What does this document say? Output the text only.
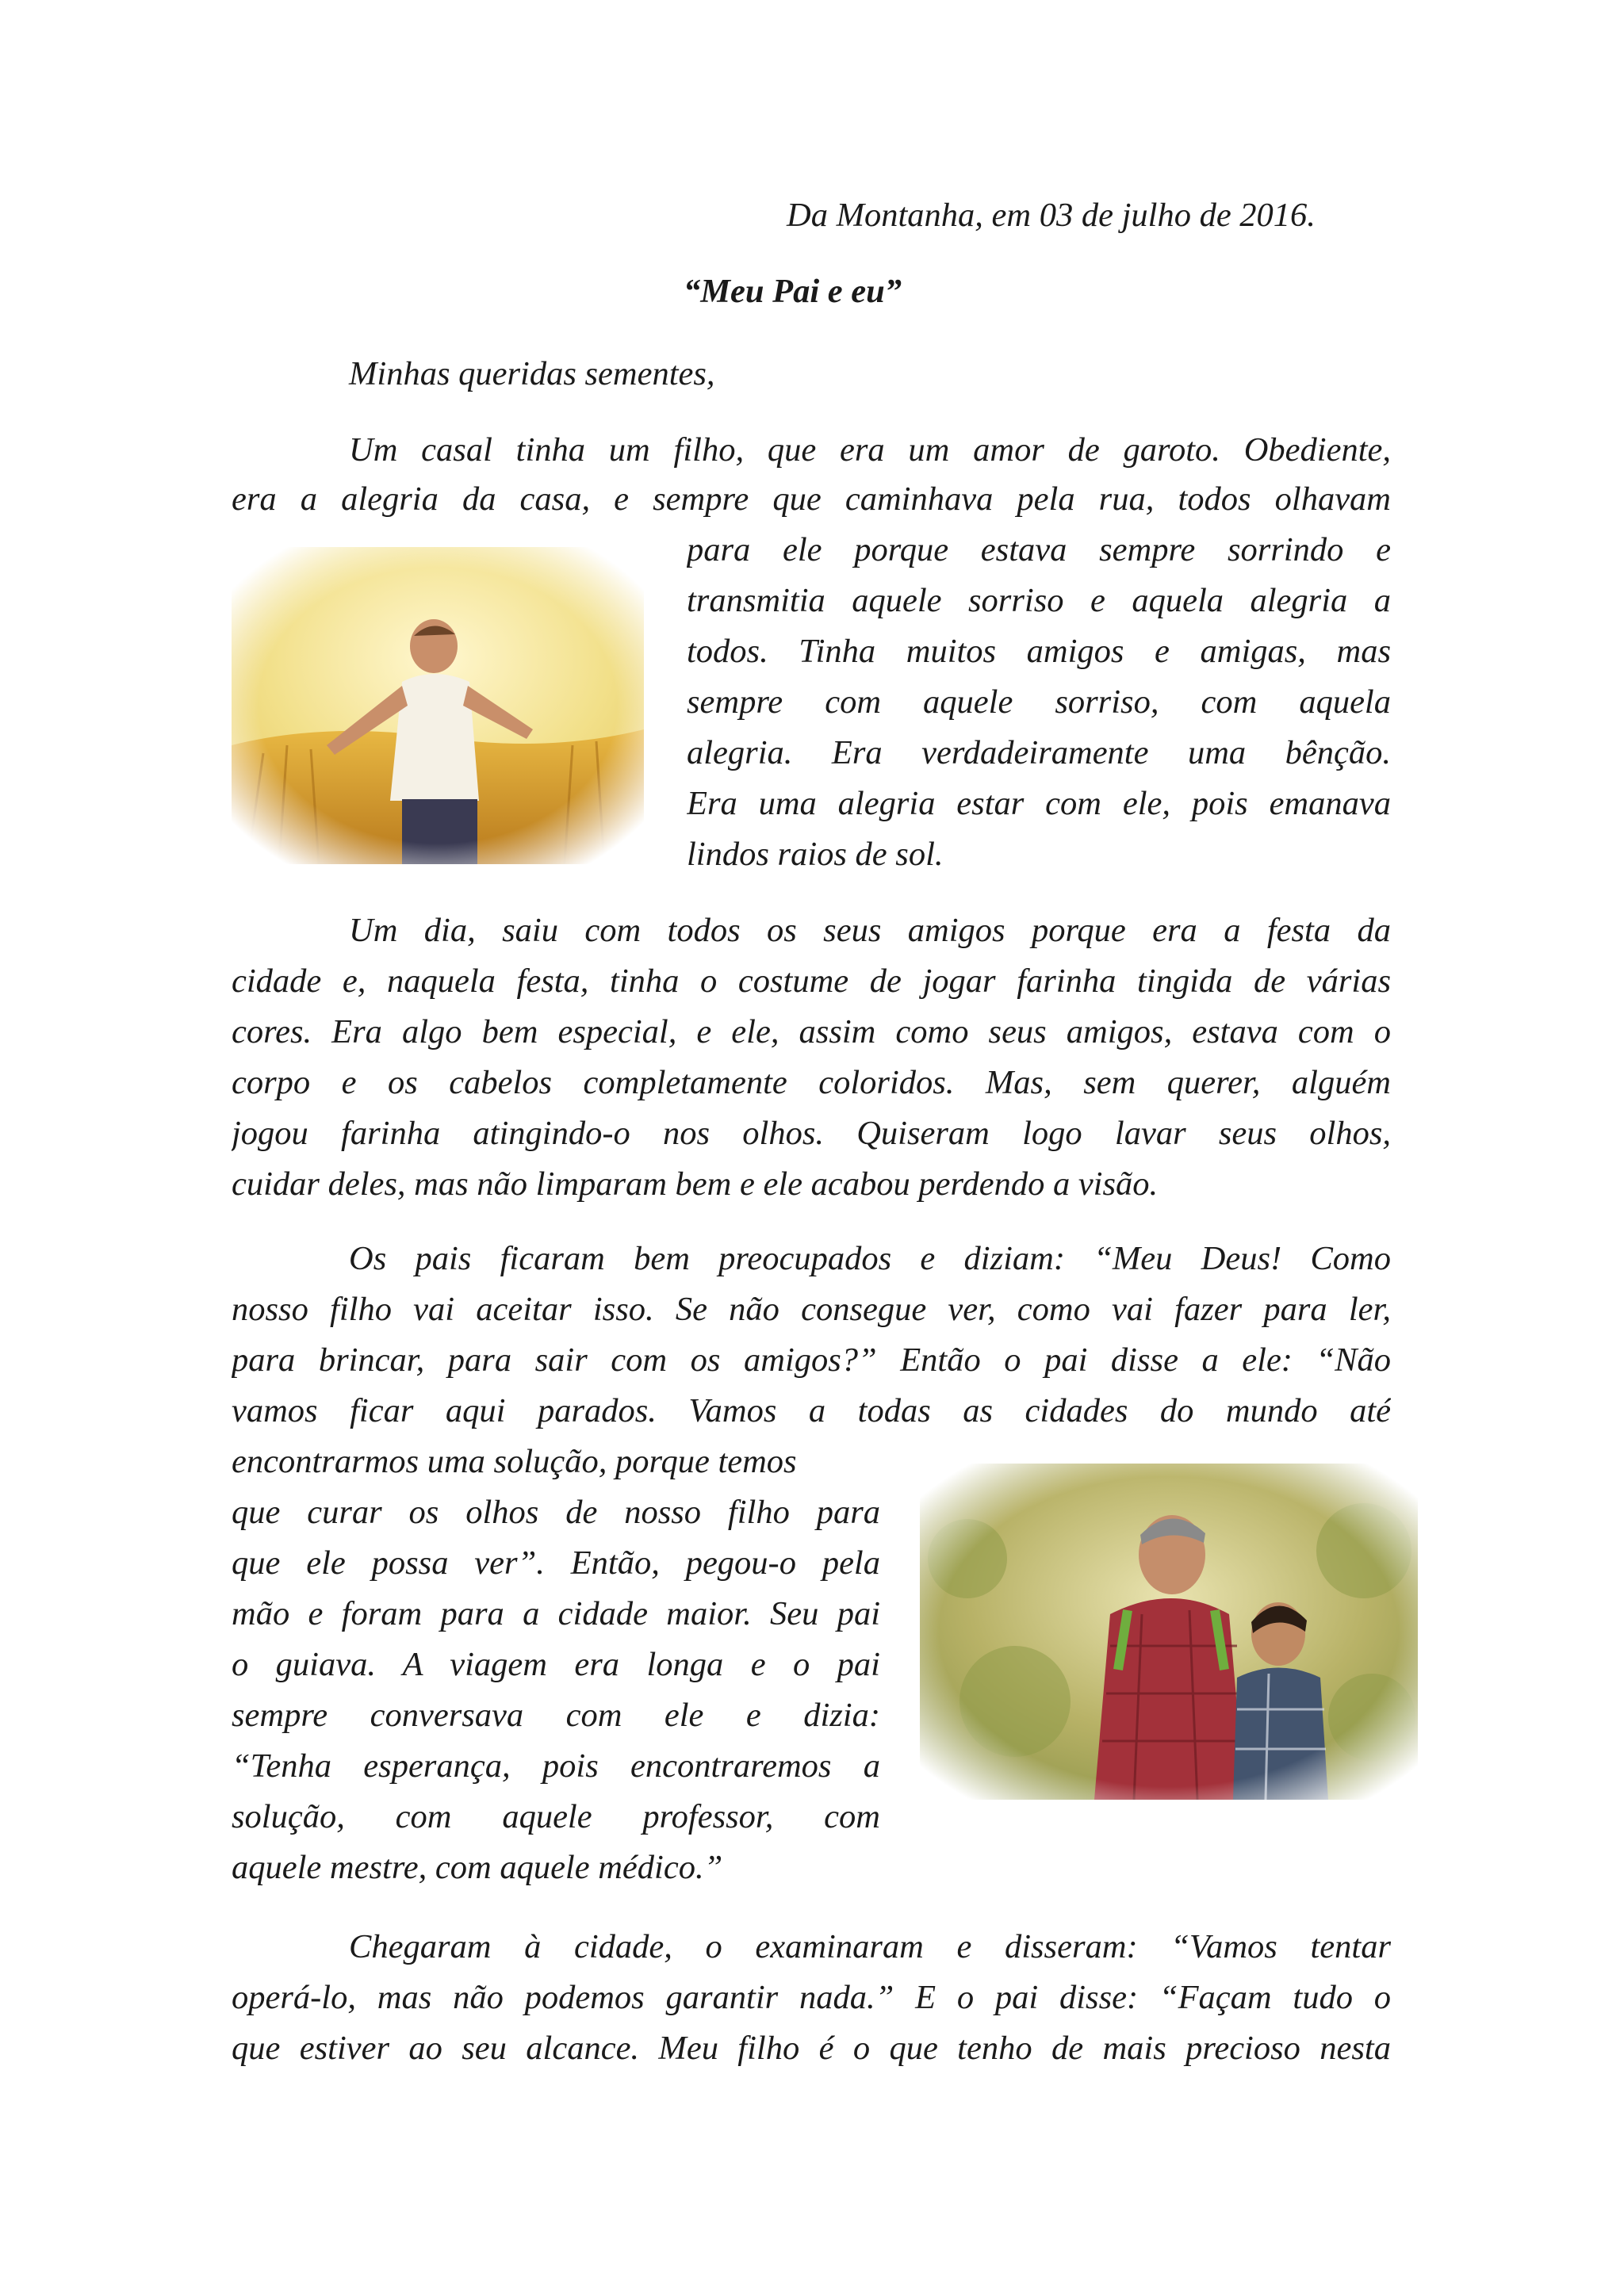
Da Montanha, em 03 de julho de 2016.
“Meu Pai e eu”
Minhas queridas sementes,
Um casal tinha um filho, que era um amor de garoto. Obediente,
era a alegria da casa, e sempre que caminhava pela rua, todos olhavam
para ele porque estava sempre sorrindo e
transmitia aquele sorriso e aquela alegria a
todos. Tinha muitos amigos e amigas, mas
sempre com aquele sorriso, com aquela
alegria. Era verdadeiramente uma bênção.
Era uma alegria estar com ele, pois emanava
lindos raios de sol.
Um dia, saiu com todos os seus amigos porque era a festa da
cidade e, naquela festa, tinha o costume de jogar farinha tingida de várias
cores. Era algo bem especial, e ele, assim como seus amigos, estava com o
corpo e os cabelos completamente coloridos. Mas, sem querer, alguém
jogou farinha atingindo-o nos olhos. Quiseram logo lavar seus olhos,
cuidar deles, mas não limparam bem e ele acabou perdendo a visão.
Os pais ficaram bem preocupados e diziam: “Meu Deus! Como
nosso filho vai aceitar isso. Se não consegue ver, como vai fazer para ler,
para brincar, para sair com os amigos?” Então o pai disse a ele: “Não
vamos ficar aqui parados. Vamos a todas as cidades do mundo até
encontrarmos uma solução, porque temos
que curar os olhos de nosso filho para
que ele possa ver”. Então, pegou-o pela
mão e foram para a cidade maior. Seu pai
o guiava. A viagem era longa e o pai
sempre conversava com ele e dizia:
“Tenha esperança, pois encontraremos a
solução, com aquele professor, com
aquele mestre, com aquele médico.”
Chegaram à cidade, o examinaram e disseram: “Vamos tentar
operá-lo, mas não podemos garantir nada.” E o pai disse: “Façam tudo o
que estiver ao seu alcance. Meu filho é o que tenho de mais precioso nesta
